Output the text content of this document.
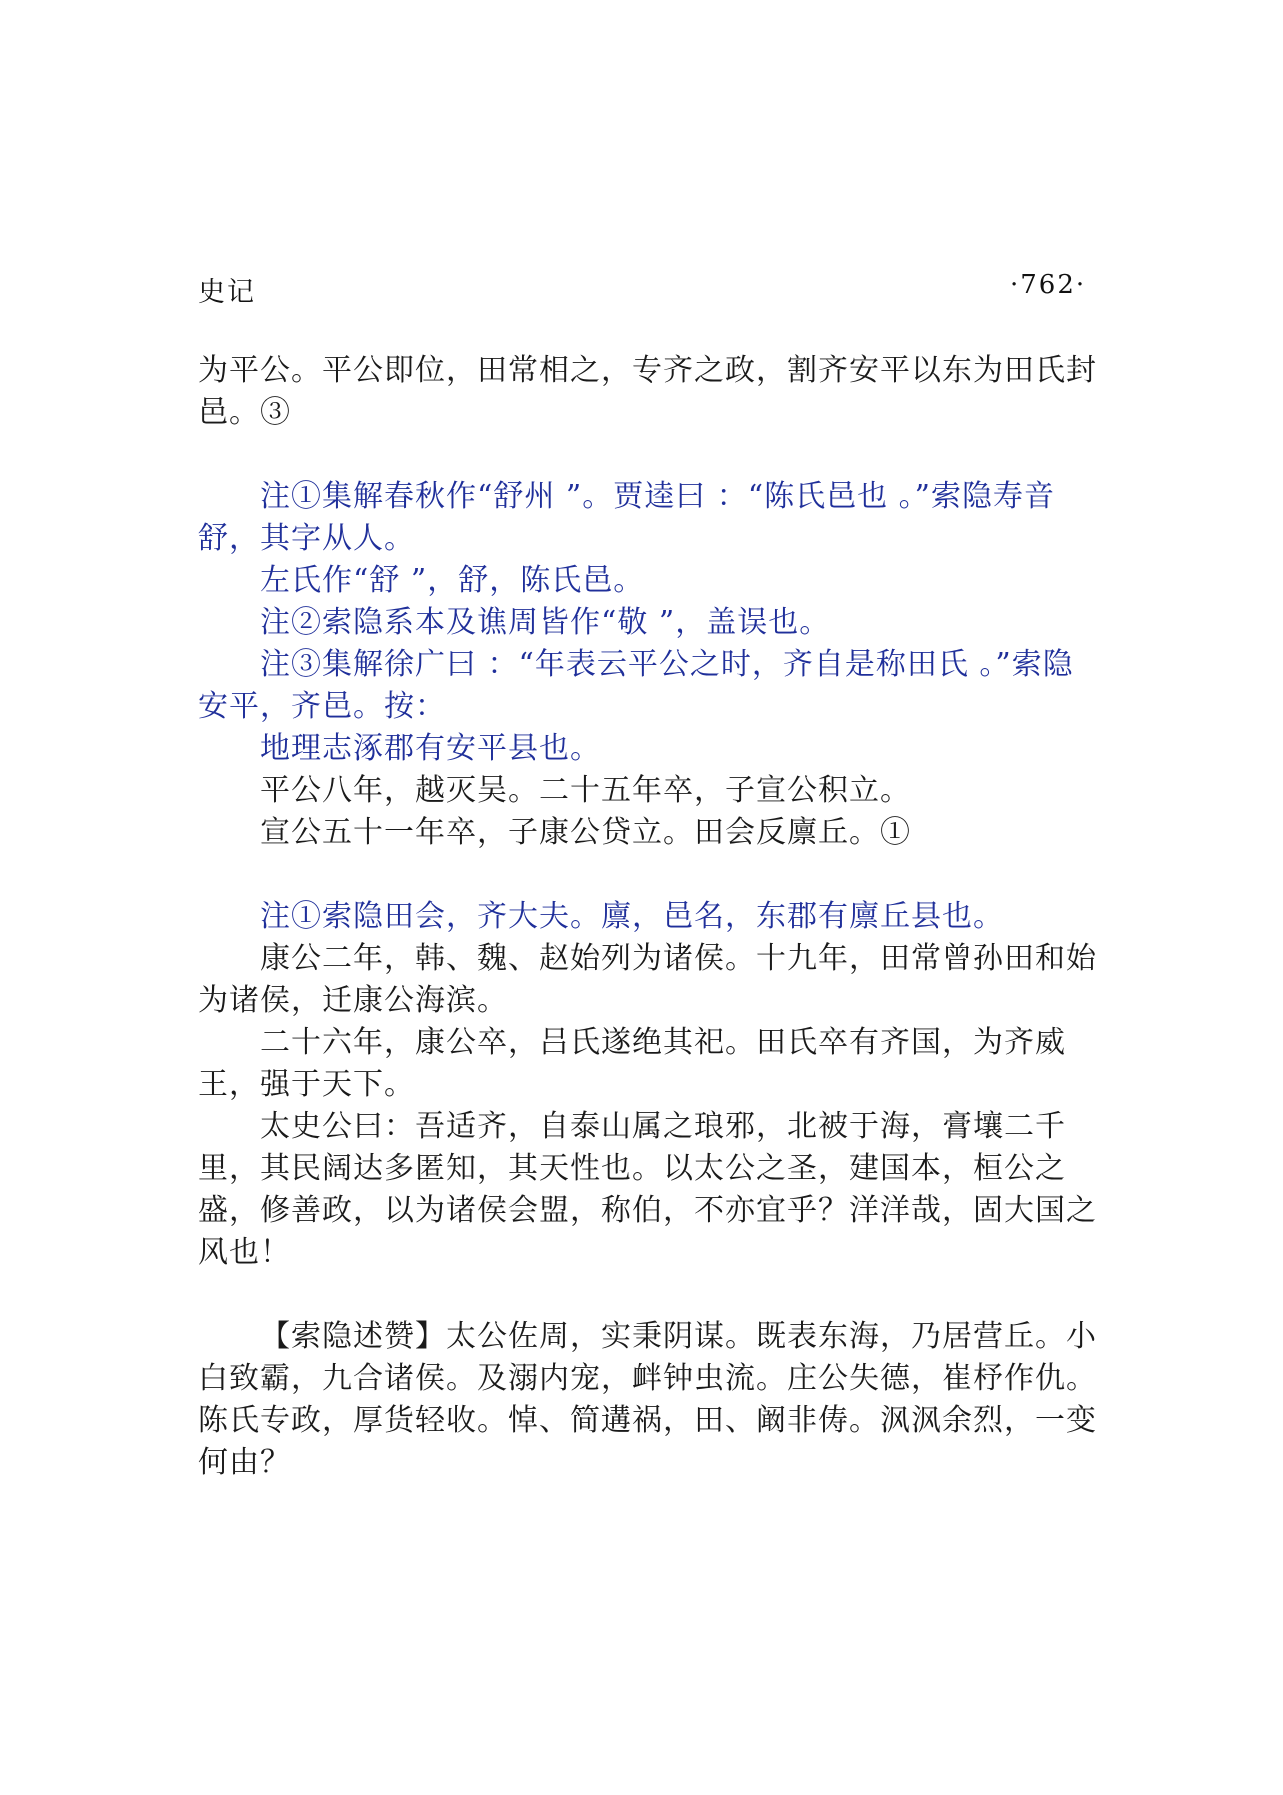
史记	·762·

为平公。平公即位，田常相之，专齐之政，割齐安平以东为田氏封邑。③

注①集解春秋作“舒州 ”。贾逵曰 ：“陈氏邑也 。”索隐寿音舒，其字从人。

左氏作“舒 ”，舒，陈氏邑。

注②索隐系本及谯周皆作“敬 ”，盖误也。

注③集解徐广曰 ：“年表云平公之时，齐自是称田氏 。”索隐安平，齐邑。按：

地理志涿郡有安平县也。

平公八年，越灭吴。二十五年卒，子宣公积立。

宣公五十一年卒，子康公贷立。田会反廪丘。①

注①索隐田会，齐大夫。廪，邑名，东郡有廪丘县也。

康公二年，韩、魏、赵始列为诸侯。十九年，田常曾孙田和始为诸侯，迁康公海滨。

二十六年，康公卒，吕氏遂绝其祀。田氏卒有齐国，为齐威王，强于天下。

太史公曰：吾适齐，自泰山属之琅邪，北被于海，膏壤二千里，其民阔达多匿知，其天性也。以太公之圣，建国本，桓公之盛，修善政，以为诸侯会盟，称伯，不亦宜乎？洋洋哉，固大国之风也！

【索隐述赞】太公佐周，实秉阴谋。既表东海，乃居营丘。小白致霸，九合诸侯。及溺内宠，衅钟虫流。庄公失德，崔杼作仇。陈氏专政，厚货轻收。悼、简遘祸，田、阚非俦。沨沨余烈，一变何由？
